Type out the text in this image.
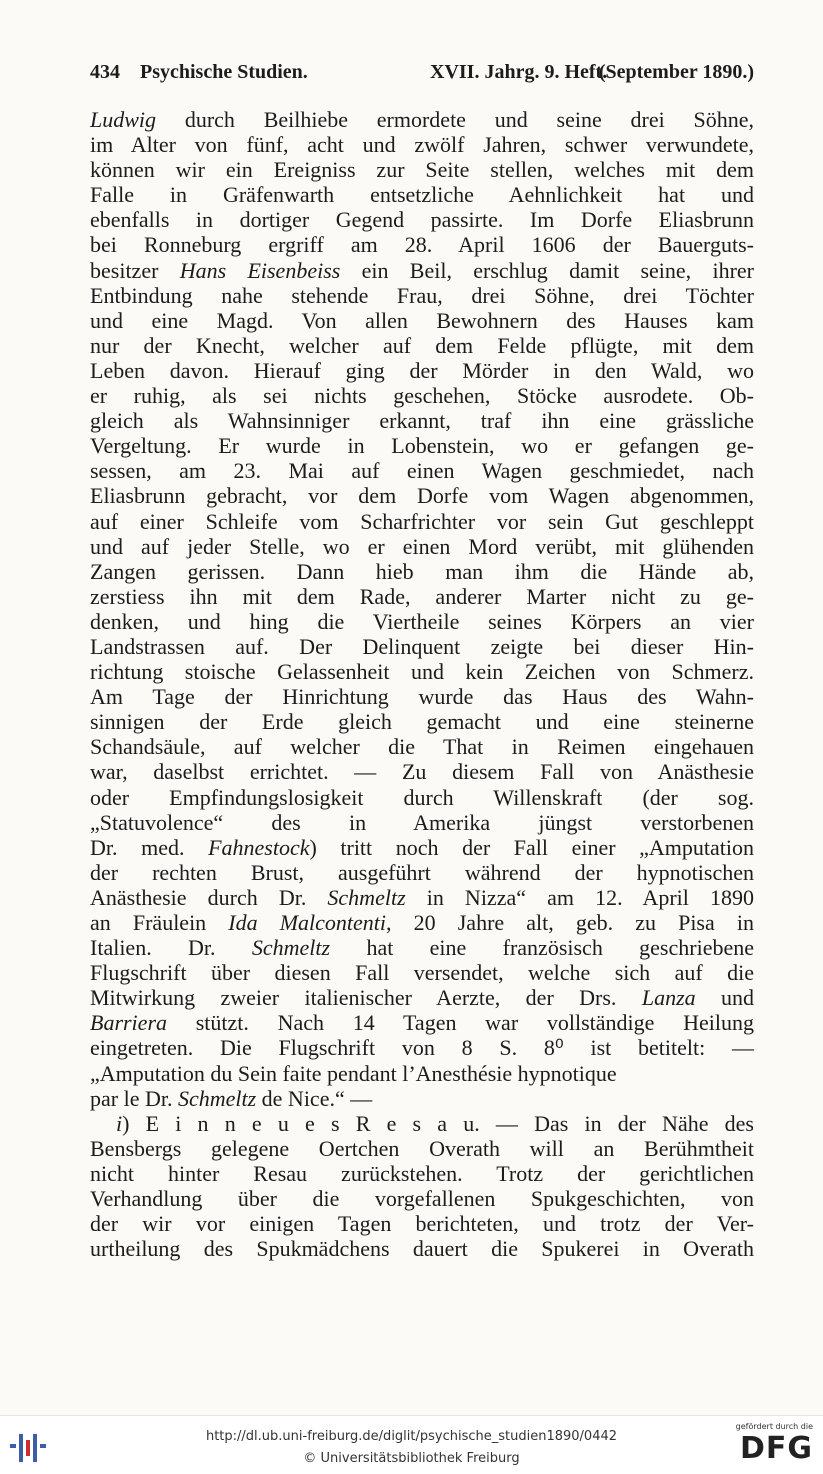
434 Psychische Studien.	XVII. Jahrg. 9. Heft.
(September 1890.)
Ludwig durch Beilhiebe ermordete und seine drei Söhne,
im Alter von fünf, acht und zwölf Jahren, schwer verwundete,
können wir ein Ereigniss zur Seite stellen, welches mit dem
Falle in Gräfenwarth entsetzliche Aehnlichkeit hat und
ebenfalls in dortiger Gegend passirte. Im Dorfe Eliasbrunn
bei Ronneburg ergriff am 28. April 1606 der Bauerguts-
besitzer Hans Eisenbeiss ein Beil, erschlug damit seine, ihrer
Entbindung nahe stehende Frau, drei Söhne, drei Töchter
und eine Magd. Von allen Bewohnern des Hauses kam
nur der Knecht, welcher auf dem Felde pflügte, mit dem
Leben davon. Hierauf ging der Mörder in den Wald, wo
er ruhig, als sei nichts geschehen, Stöcke ausrodete. Ob-
gleich als Wahnsinniger erkannt, traf ihn eine grässliche
Vergeltung. Er wurde in Lobenstein, wo er gefangen ge-
sessen, am 23. Mai auf einen Wagen geschmiedet, nach
Eliasbrunn gebracht, vor dem Dorfe vom Wagen abgenommen,
auf einer Schleife vom Scharfrichter vor sein Gut geschleppt
und auf jeder Stelle, wo er einen Mord verübt, mit glühenden
Zangen gerissen. Dann hieb man ihm die Hände ab,
zerstiess ihn mit dem Rade, anderer Marter nicht zu ge-
denken, und hing die Viertheile seines Körpers an vier
Landstrassen auf. Der Delinquent zeigte bei dieser Hin-
richtung stoische Gelassenheit und kein Zeichen von Schmerz.
Am Tage der Hinrichtung wurde das Haus des Wahn-
sinnigen der Erde gleich gemacht und eine steinerne
Schandsäule, auf welcher die That in Reimen eingehauen
war, daselbst errichtet. — Zu diesem Fall von Anästhesie
oder Empfindungslosigkeit durch Willenskraft (der sog.
„Statuvolence“ des in Amerika jüngst verstorbenen
Dr. med. Fahnestock) tritt noch der Fall einer „Amputation
der rechten Brust, ausgeführt während der hypnotischen
Anästhesie durch Dr. Schmeltz in Nizza“ am 12. April 1890
an Fräulein Ida Malcontenti, 20 Jahre alt, geb. zu Pisa in
Italien. Dr. Schmeltz hat eine französisch geschriebene
Flugschrift über diesen Fall versendet, welche sich auf die
Mitwirkung zweier italienischer Aerzte, der Drs. Lanza und
Barriera stützt. Nach 14 Tagen war vollständige Heilung
eingetreten. Die Flugschrift von 8 S. 8⁰ ist betitelt: —
„Amputation du Sein faite pendant l’Anesthésie hypnotique
par le Dr. Schmeltz de Nice.“ —
i) E i n n e u e s R e s a u. — Das in der Nähe des
Bensbergs gelegene Oertchen Overath will an Berühmtheit
nicht hinter Resau zurückstehen. Trotz der gerichtlichen
Verhandlung über die vorgefallenen Spukgeschichten, von
der wir vor einigen Tagen berichteten, und trotz der Ver-
urtheilung des Spukmädchens dauert die Spukerei in Overath
http://dl.ub.uni-freiburg.de/diglit/psychische_studien1890/0442
© Universitätsbibliothek Freiburg
gefördert durch die
DFG
